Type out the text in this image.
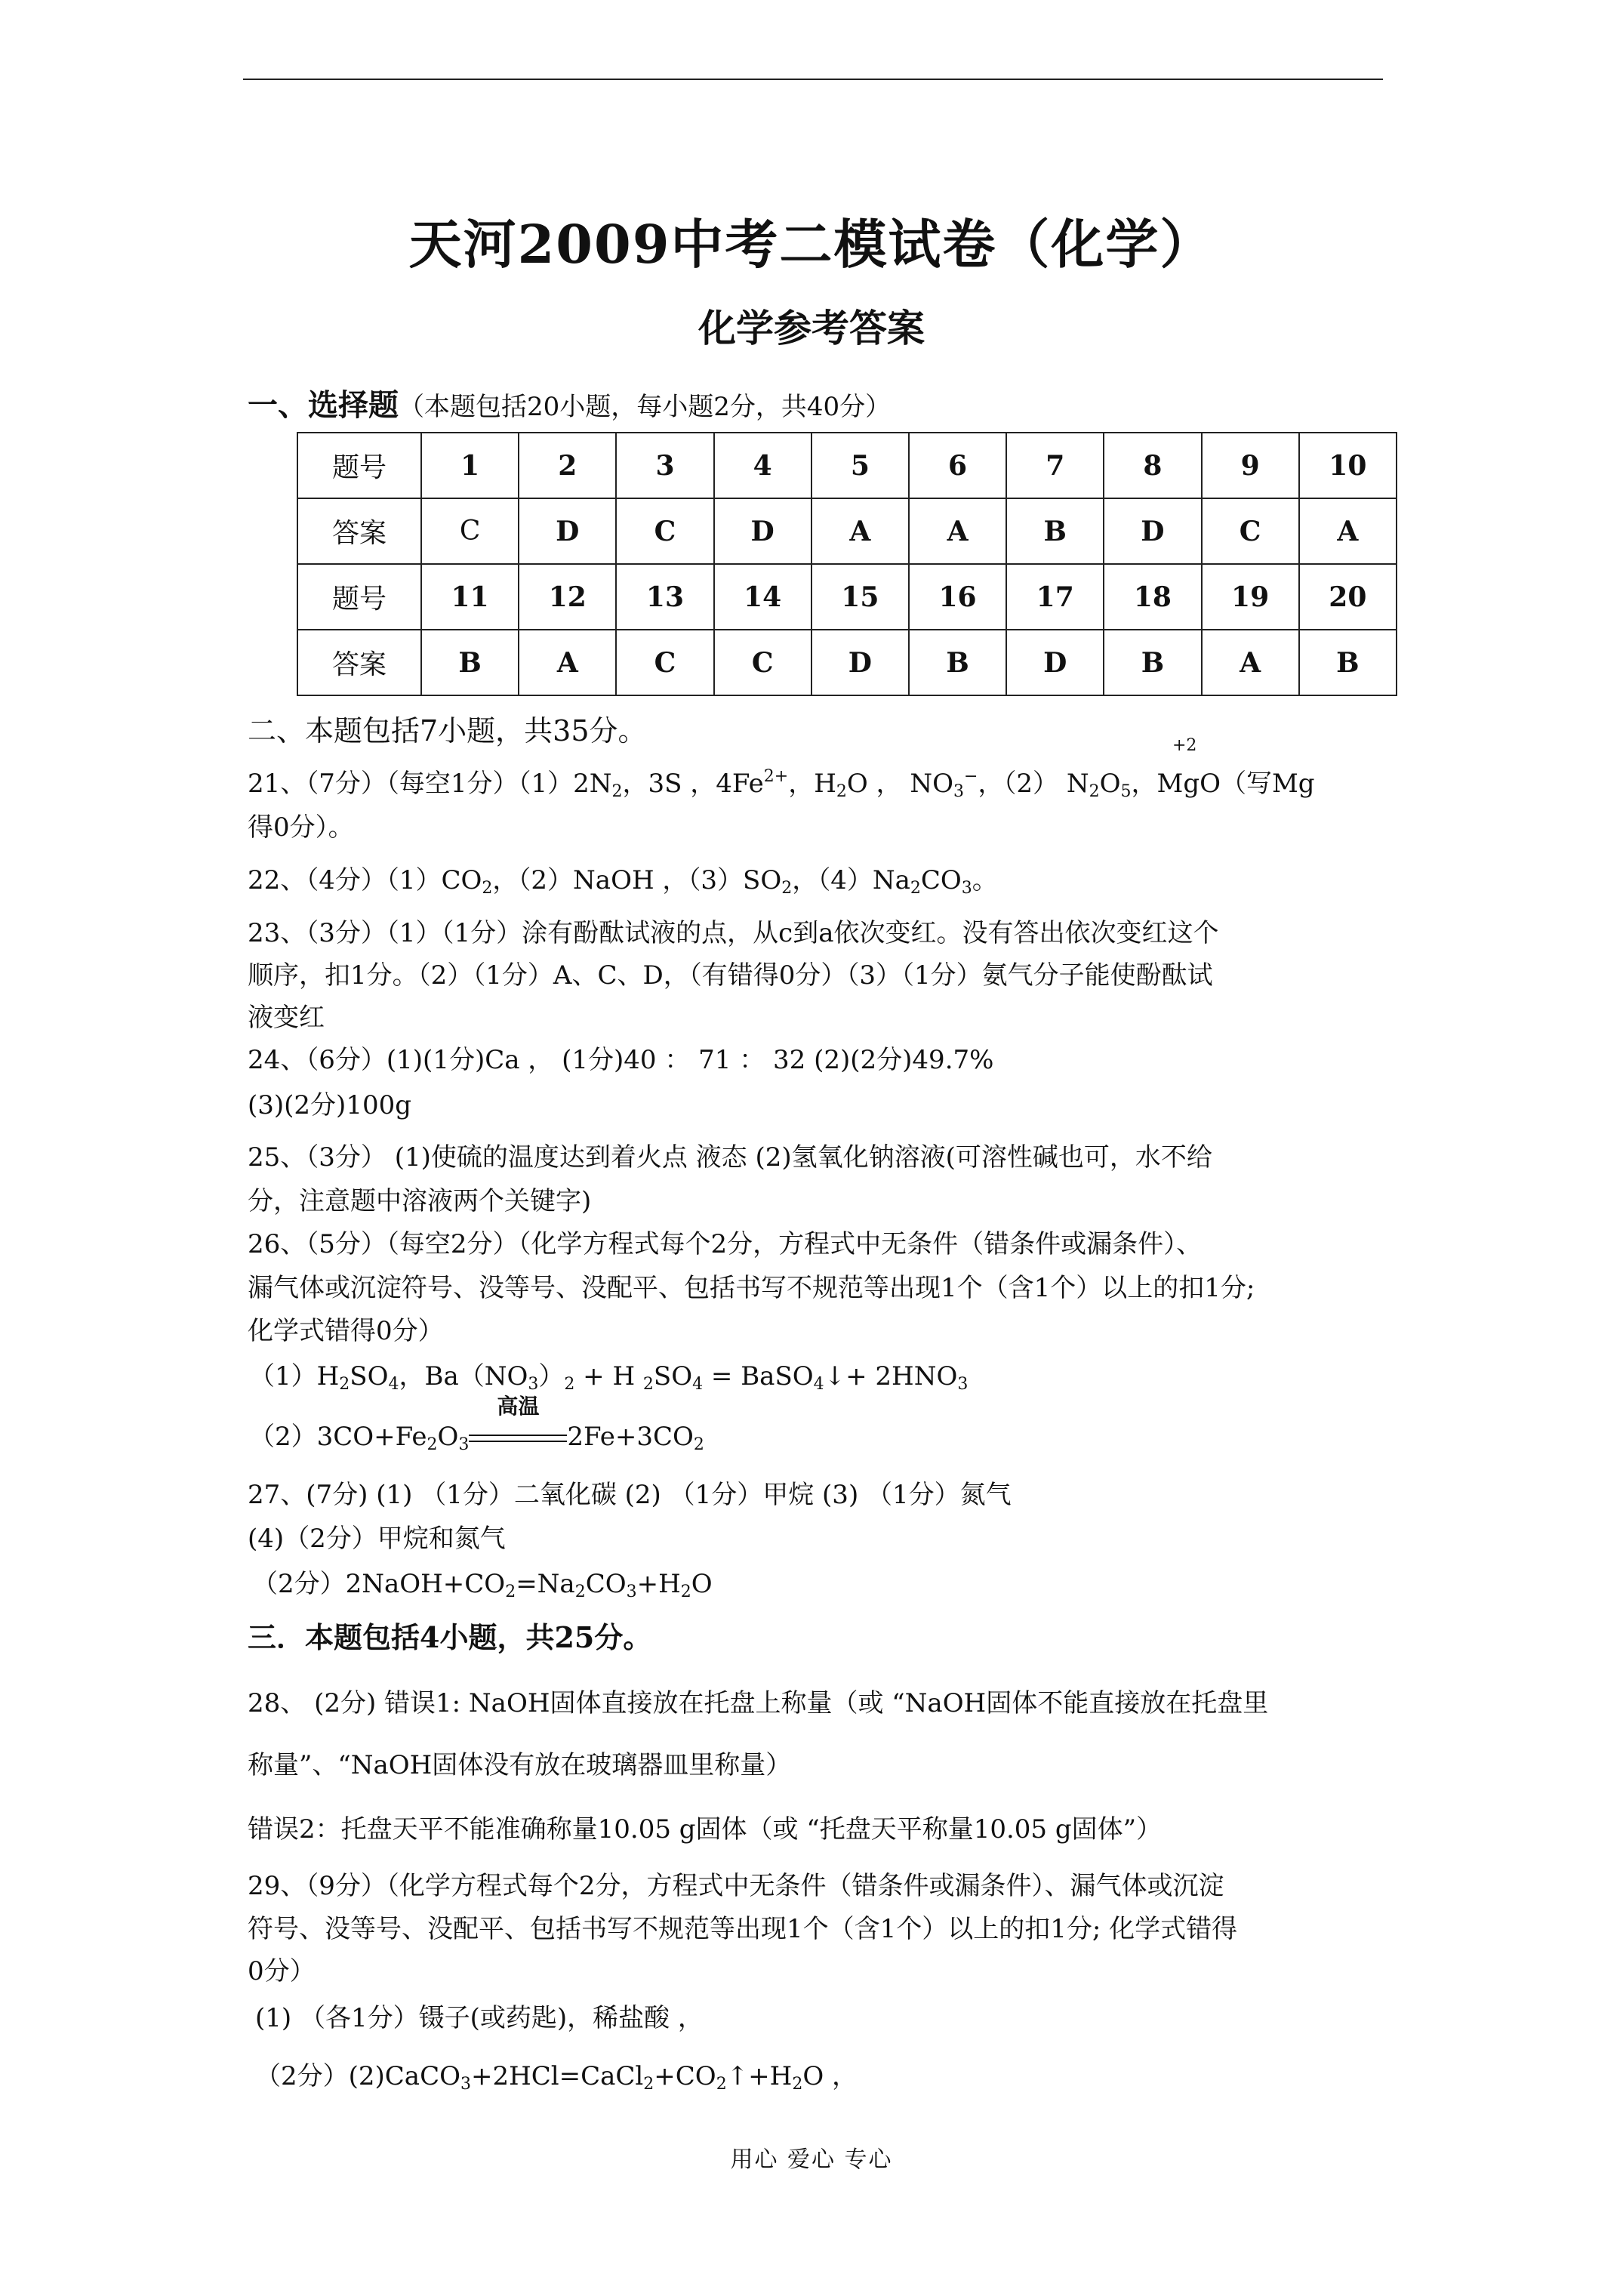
天河2009中考二模试卷（化学）
化学参考答案
一、选择题（本题包括20小题，每小题2分，共40分）
题号	1	2	3	4	5	6	7	8	9	10
答案	C	D	C	D	A	A	B	D	C	A
题号	11	12	13	14	15	16	17	18	19	20
答案	B	A	C	C	D	B	D	B	A	B
二、本题包括7小题，共35分。	+2
21、（7分）（每空1分）$(1)2N_2$，3S ，$4Fe^{2+}$，$H_2O$ ， $NO_3^-$，（2） $N_2O_5$，MgO（写Mg
得0分）。
22、（4分）$(1)CO_2$，（2）NaOH ，$(3)SO_2$，$(4)Na_2CO_3$。
23、（3分）（1）（1分）涂有酚酞试液的点，从c到a依次变红。没有答出依次变红这个
顺序，扣1分。（2）（1分）A、C、D，（有错得0分）（3）（1分）氨气分子能使酚酞试
液变红
24、（6分）(1)(1分)Ca ， (1分)40 ： 71 ： 32 (2)(2分)49.7%
(3)(2分)100g
25、（3分） (1)使硫的温度达到着火点 液态 (2)氢氧化钠溶液(可溶性碱也可，水不给
分，注意题中溶液两个关键字)
26、（5分）（每空2分）（化学方程式每个2分，方程式中无条件（错条件或漏条件）、
漏气体或沉淀符号、没等号、没配平、包括书写不规范等出现1个（含1个）以上的扣1分;
化学式错得0分）
$(1)H_2SO_4$，$Ba(NO_3)_2 + H$ $_2SO_4$ = BaSO$_4$↓+ $2HNO_3$
$(2)3CO+Fe_2O_3$
高温
$2Fe+3CO_2$
27、(7分) (1) （1分）二氧化碳 (2) （1分）甲烷 (3) （1分）氮气
(4)（2分）甲烷和氮气
（2分）$2NaOH+CO_2=Na_2CO_3+H_2O$
三．本题包括4小题，共25分。
28、 (2分) 错误1: NaOH固体直接放在托盘上称量（或 “NaOH固体不能直接放在托盘里
称量”、“NaOH固体没有放在玻璃器皿里称量）
错误2：托盘天平不能准确称量10.05 g固体（或 “托盘天平称量10.05 g固体”）
29、（9分）（化学方程式每个2分，方程式中无条件（错条件或漏条件）、漏气体或沉淀
符号、没等号、没配平、包括书写不规范等出现1个（含1个）以上的扣1分; 化学式错得
0分）
(1) （各1分）镊子(或药匙)，稀盐酸 ，
（2分）$(2)CaCO_3+2HCl=CaCl_2+CO_2↑+H_2O$ ，
用心 爱心 专心
